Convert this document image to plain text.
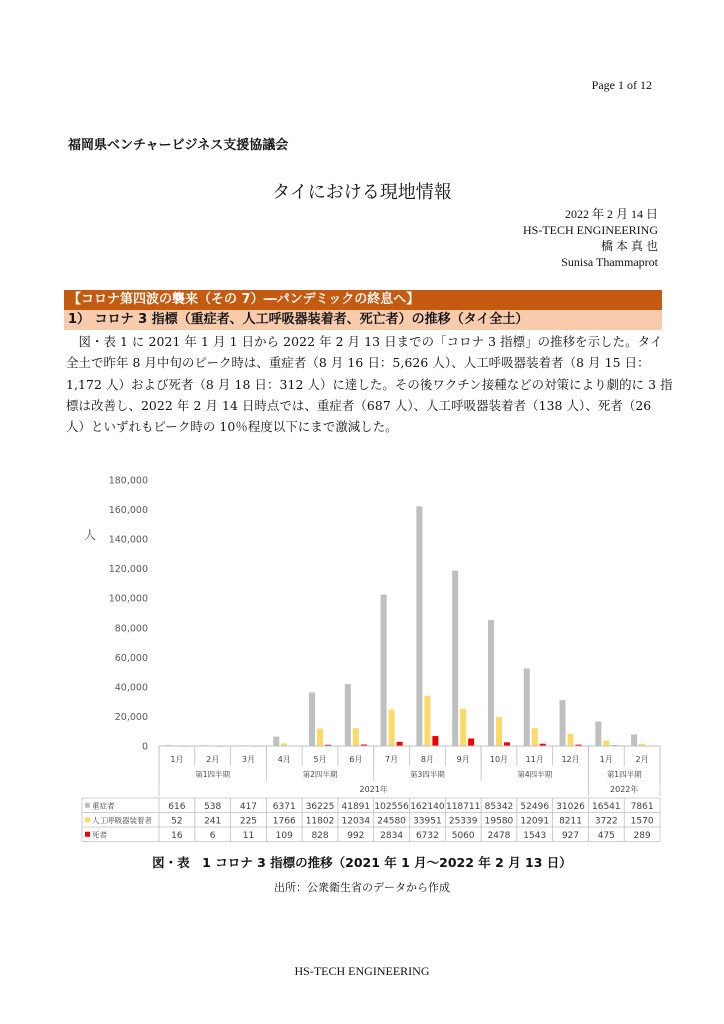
Page 1 of 12
福岡県ベンチャービジネス支援協議会
タイにおける現地情報
2022 年 2 月 14 日
HS-TECH ENGINEERING
橋 本 真 也
Sunisa Thammaprot
【コロナ第四波の襲来（その 7）―パンデミックの終息へ】
1） コロナ 3 指標（重症者、人工呼吸器装着者、死亡者）の推移（タイ全土）
　図・表 1 に 2021 年 1 月 1 日から 2022 年 2 月 13 日までの「コロナ 3 指標」の推移を示した。タイ
全土で昨年 8 月中旬のピーク時は、重症者（8 月 16 日：5,626 人）、人工呼吸器装着者（8 月 15 日：
1,172 人）および死者（8 月 18 日：312 人）に達した。その後ワクチン接種などの対策により劇的に 3 指
標は改善し、2022 年 2 月 14 日時点では、重症者（687 人）、人工呼吸器装着者（138 人）、死者（26
人）といずれもピーク時の 10％程度以下にまで激減した。
0
20,000
40,000
60,000
80,000
100,000
120,000
140,000
160,000
180,000
人
1月	2月	3月	4月	5月	6月	7月	8月	9月	10月 11月 12月	1月	2月
第1四半期	第2四半期	第3四半期	第4四半期	第1四半期
2021年	2022年
重症者	616 538 417 6371 36225 41891 102556 162140 118711 85342 52496 31026 16541 7861
人工呼吸器装着者 52 241 225 1766 11802 12034 24580 33951 25339 19580 12091 8211 3722 1570
死者	16	6	11 109 828 992 2834 6732 5060 2478 1543 927 475 289
図・表　1 コロナ 3 指標の推移（2021 年 1 月～2022 年 2 月 13 日）
出所：公衆衛生省のデータから作成
HS-TECH ENGINEERING
